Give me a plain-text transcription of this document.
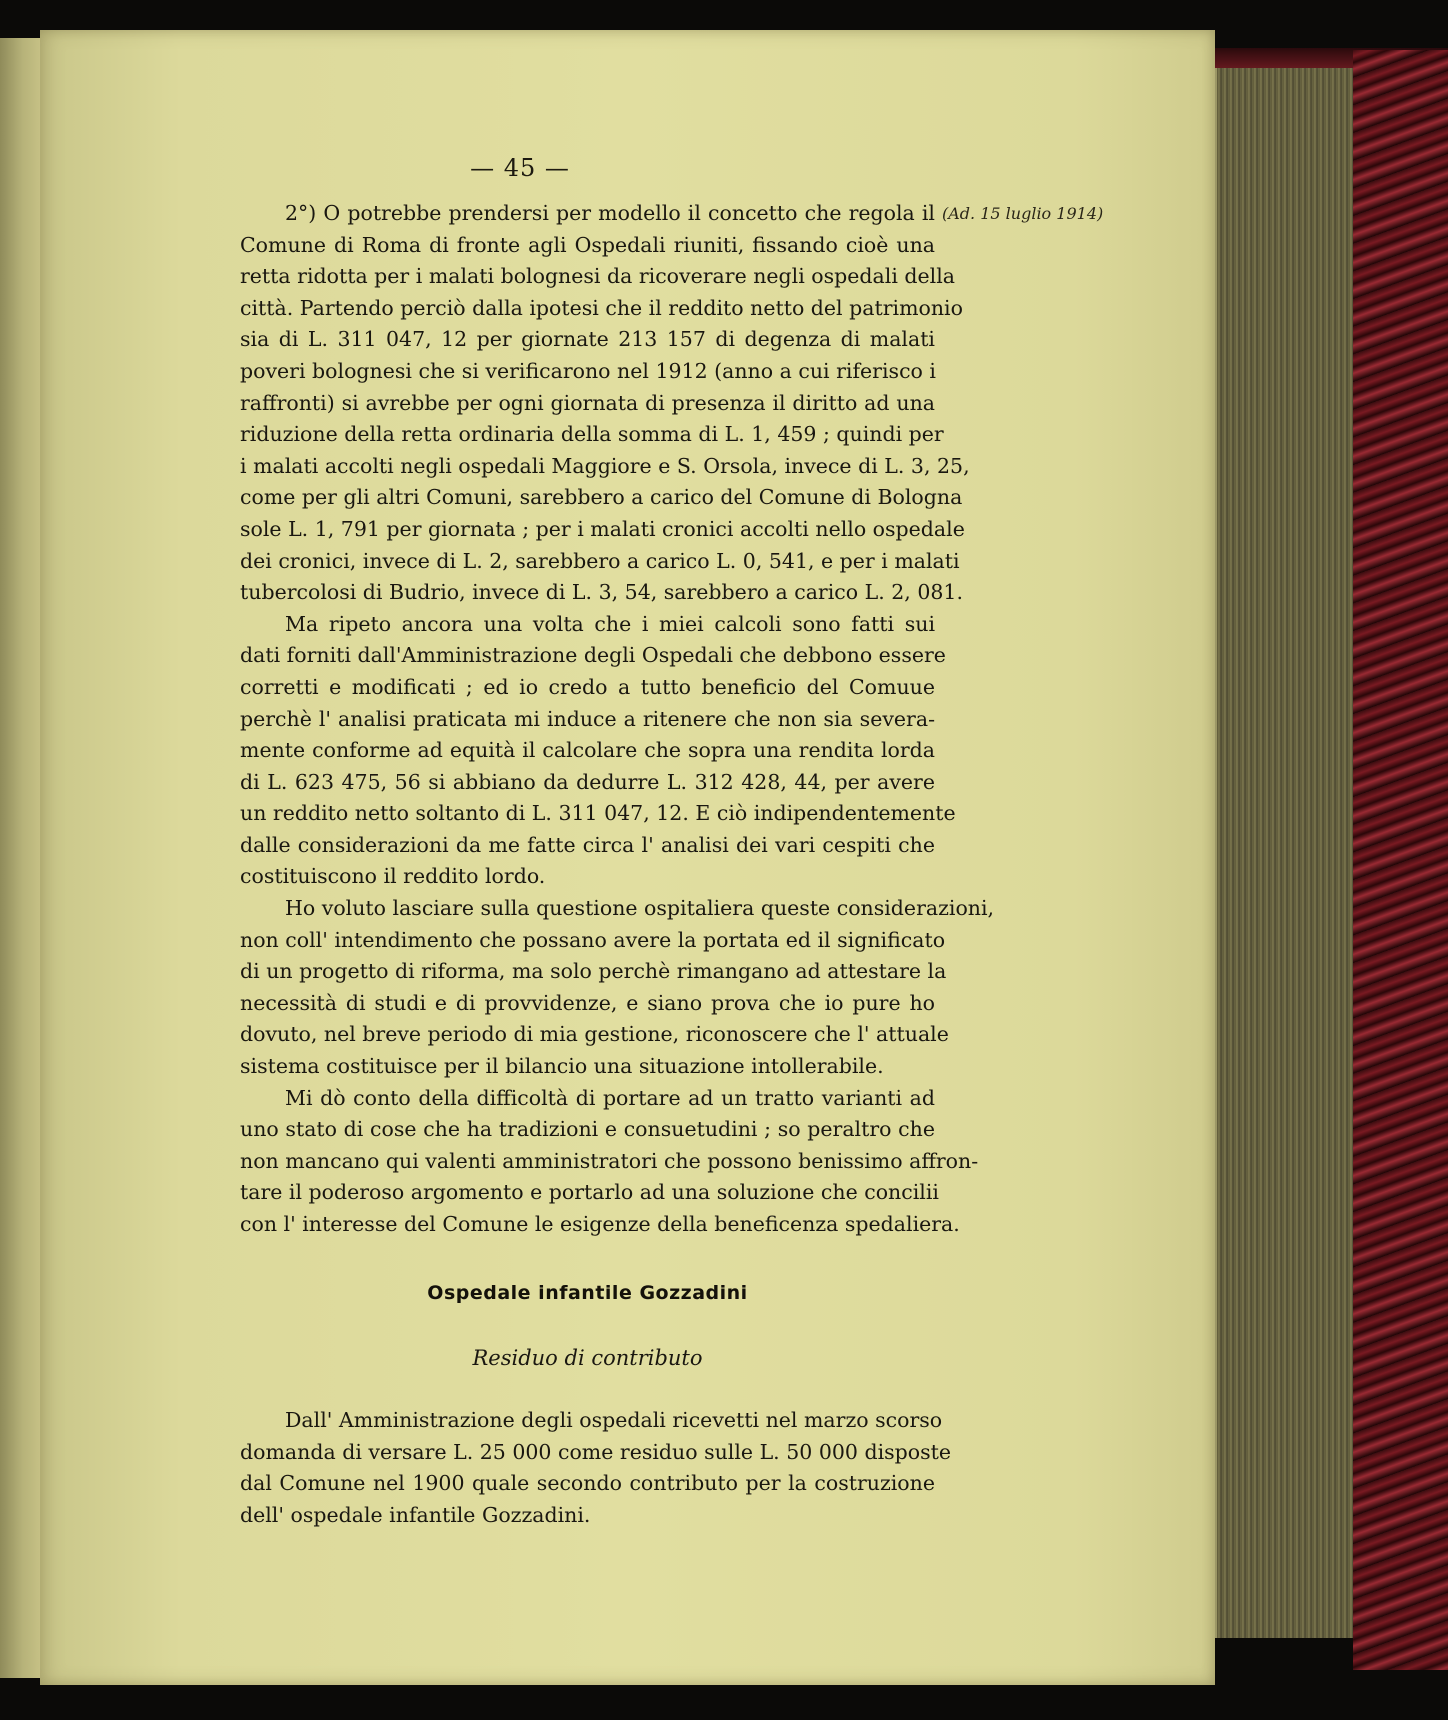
— 45 —
(Ad. 15 luglio 1914)
2°) O potrebbe prendersi per modello il concetto che regola il
Comune di Roma di fronte agli Ospedali riuniti, fissando cioè una
retta ridotta per i malati bolognesi da ricoverare negli ospedali della
città. Partendo perciò dalla ipotesi che il reddito netto del patrimonio
sia di L. 311 047, 12 per giornate 213 157 di degenza di malati
poveri bolognesi che si verificarono nel 1912 (anno a cui riferisco i
raffronti) si avrebbe per ogni giornata di presenza il diritto ad una
riduzione della retta ordinaria della somma di L. 1, 459 ; quindi per
i malati accolti negli ospedali Maggiore e S. Orsola, invece di L. 3, 25,
come per gli altri Comuni, sarebbero a carico del Comune di Bologna
sole L. 1, 791 per giornata ; per i malati cronici accolti nello ospedale
dei cronici, invece di L. 2, sarebbero a carico L. 0, 541, e per i malati
tubercolosi di Budrio, invece di L. 3, 54, sarebbero a carico L. 2, 081.
Ma ripeto ancora una volta che i miei calcoli sono fatti sui
dati forniti dall'Amministrazione degli Ospedali che debbono essere
corretti e modificati ; ed io credo a tutto beneficio del Comuue
perchè l' analisi praticata mi induce a ritenere che non sia severa-
mente conforme ad equità il calcolare che sopra una rendita lorda
di L. 623 475, 56 si abbiano da dedurre L. 312 428, 44, per avere
un reddito netto soltanto di L. 311 047, 12. E ciò indipendentemente
dalle considerazioni da me fatte circa l' analisi dei vari cespiti che
costituiscono il reddito lordo.
Ho voluto lasciare sulla questione ospitaliera queste considerazioni,
non coll' intendimento che possano avere la portata ed il significato
di un progetto di riforma, ma solo perchè rimangano ad attestare la
necessità di studi e di provvidenze, e siano prova che io pure ho
dovuto, nel breve periodo di mia gestione, riconoscere che l' attuale
sistema costituisce per il bilancio una situazione intollerabile.
Mi dò conto della difficoltà di portare ad un tratto varianti ad
uno stato di cose che ha tradizioni e consuetudini ; so peraltro che
non mancano qui valenti amministratori che possono benissimo affron-
tare il poderoso argomento e portarlo ad una soluzione che concilii
con l' interesse del Comune le esigenze della beneficenza spedaliera.
Ospedale infantile Gozzadini
Residuo di contributo
Dall' Amministrazione degli ospedali ricevetti nel marzo scorso
domanda di versare L. 25 000 come residuo sulle L. 50 000 disposte
dal Comune nel 1900 quale secondo contributo per la costruzione
dell' ospedale infantile Gozzadini.
